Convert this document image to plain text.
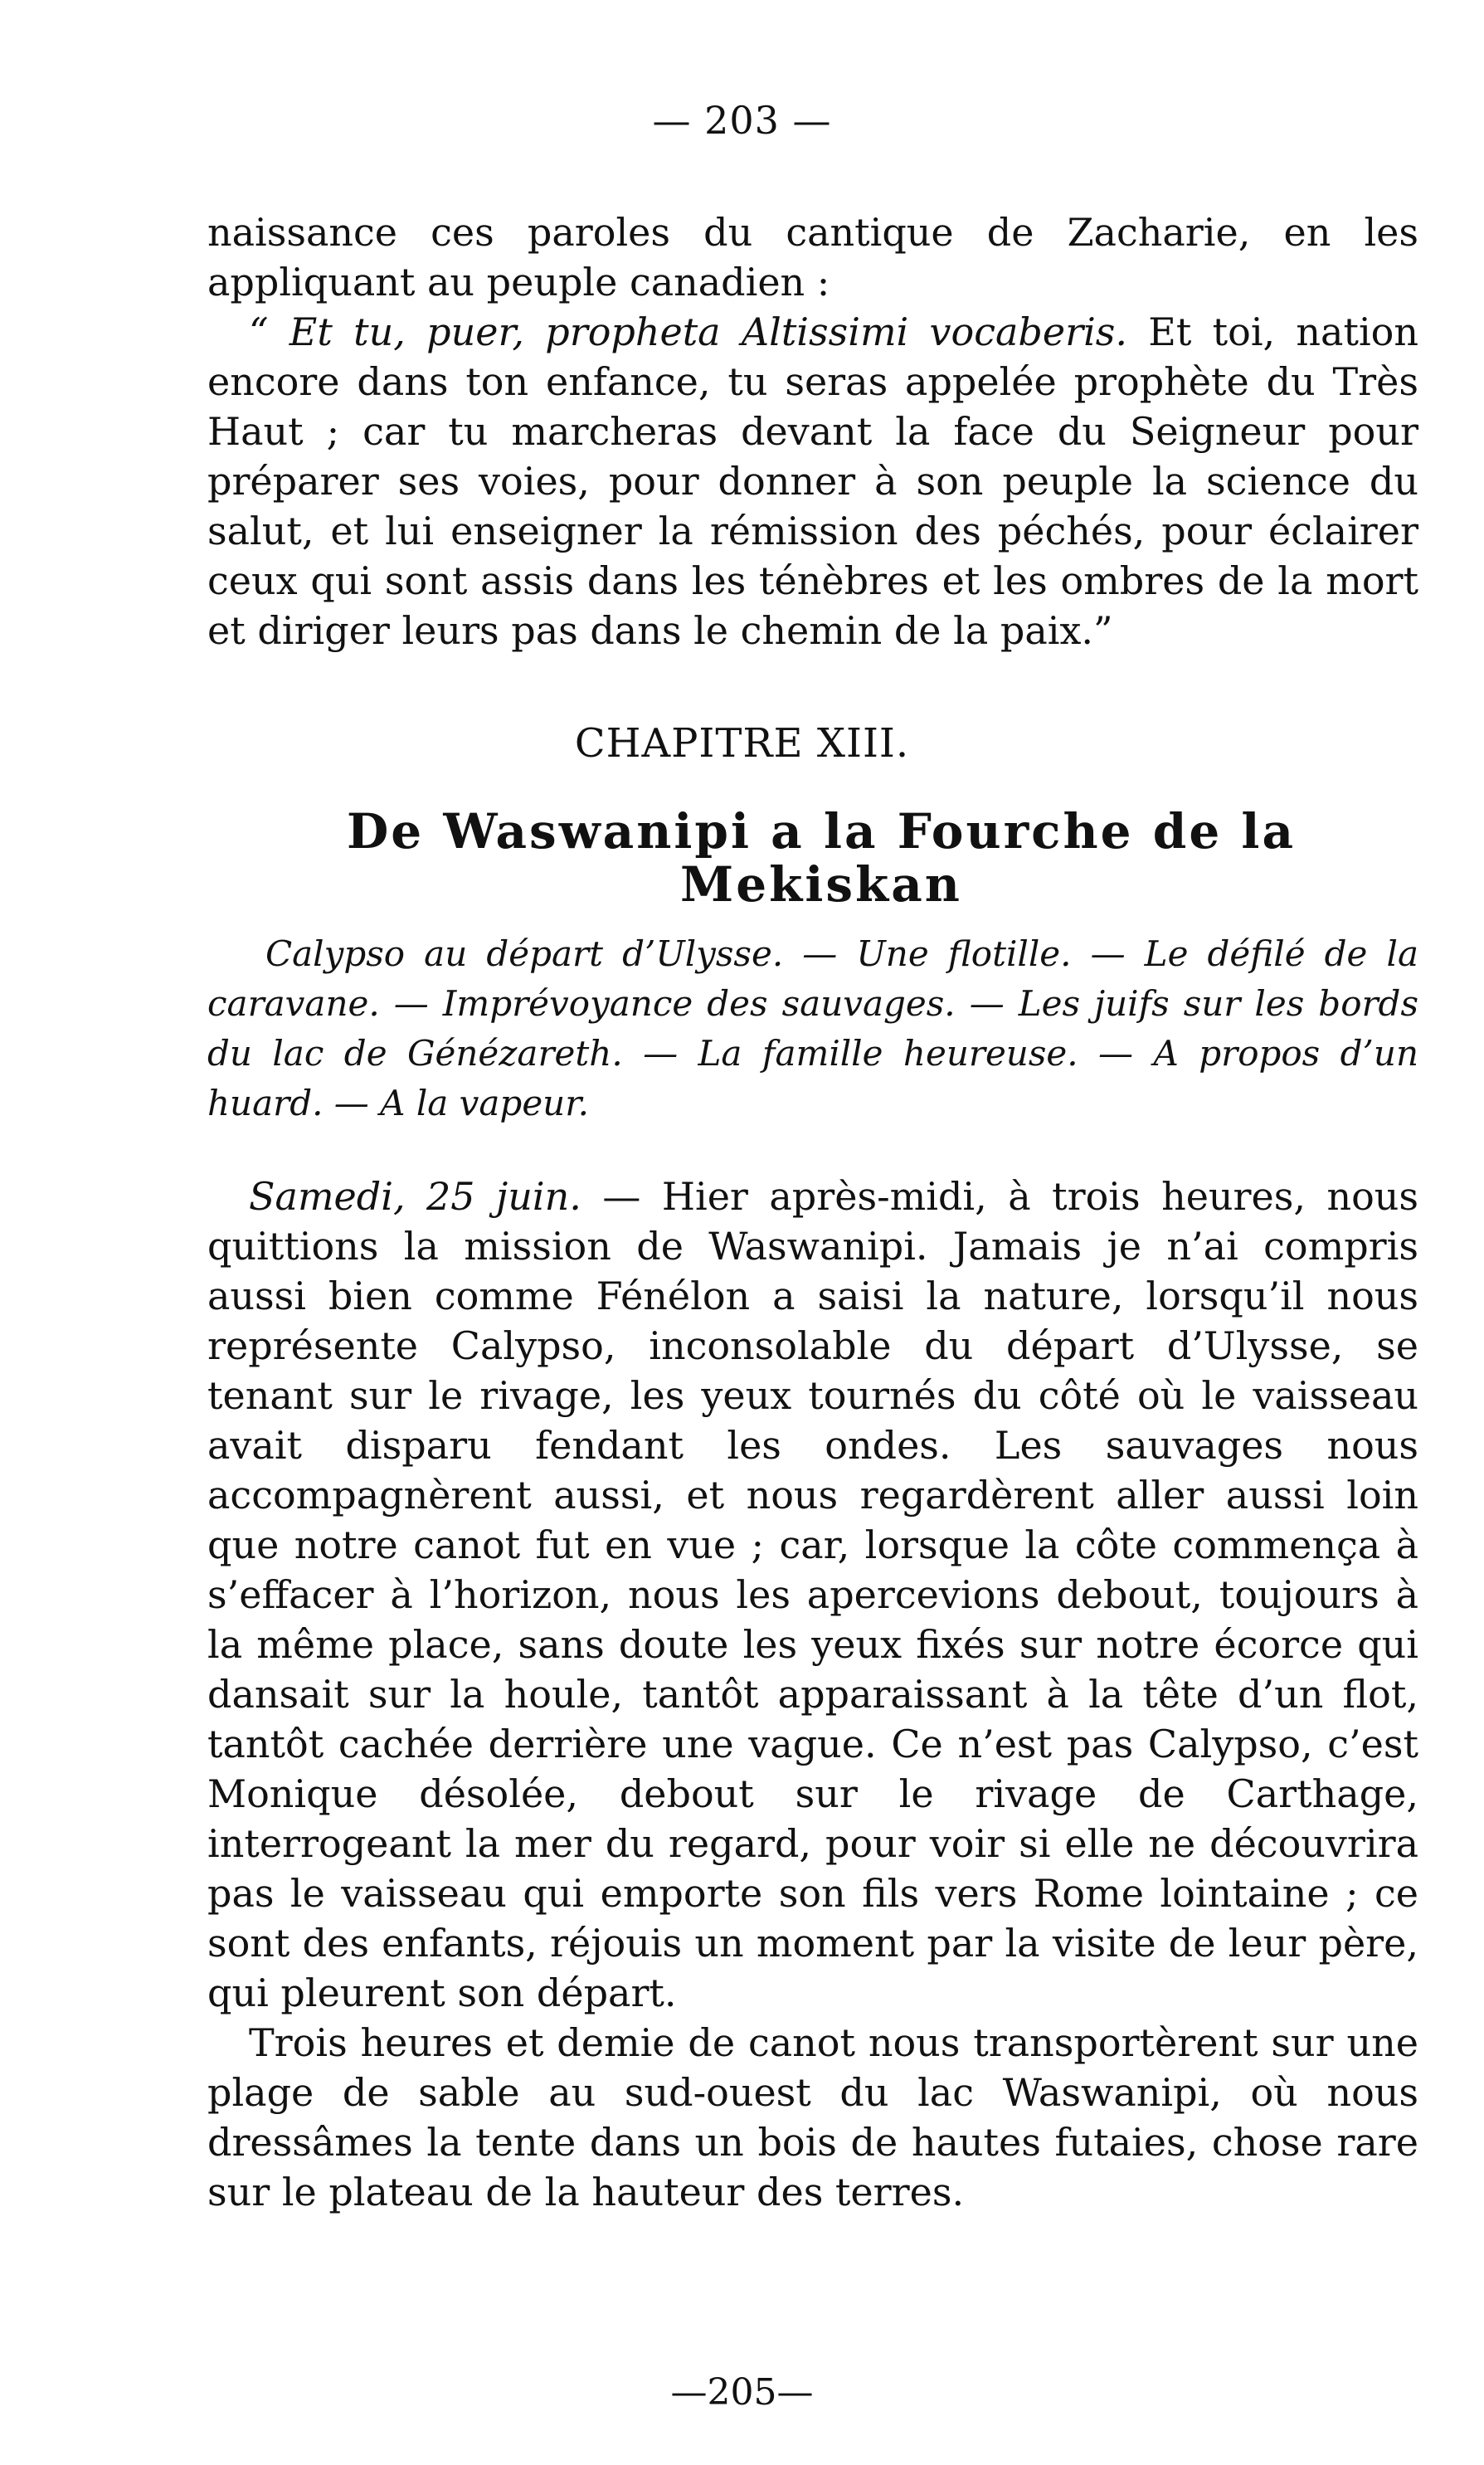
— 203 —

naissance ces paroles du cantique de Zacharie, en les appliquant au peuple canadien :

“ Et tu, puer, propheta Altissimi vocaberis. Et toi, nation encore dans ton enfance, tu seras appelée prophète du Très Haut ; car tu marcheras devant la face du Seigneur pour préparer ses voies, pour donner à son peuple la science du salut, et lui enseigner la rémission des péchés, pour éclairer ceux qui sont assis dans les ténèbres et les ombres de la mort et diriger leurs pas dans le chemin de la paix.”

CHAPITRE XIII.
De Waswanipi a la Fourche de la Mekiskan
Calypso au départ d’Ulysse. — Une flotille. — Le défilé de la caravane. — Imprévoyance des sauvages. — Les juifs sur les bords du lac de Génézareth. — La famille heureuse. — A propos d’un huard. — A la vapeur.

Samedi, 25 juin. — Hier après-midi, à trois heures, nous quittions la mission de Waswanipi. Jamais je n’ai compris aussi bien comme Fénélon a saisi la nature, lorsqu’il nous représente Calypso, inconsolable du départ d’Ulysse, se tenant sur le rivage, les yeux tournés du côté où le vaisseau avait disparu fendant les ondes. Les sauvages nous accompagnèrent aussi, et nous regardèrent aller aussi loin que notre canot fut en vue ; car, lorsque la côte commença à s’effacer à l’horizon, nous les apercevions debout, toujours à la même place, sans doute les yeux fixés sur notre écorce qui dansait sur la houle, tantôt apparaissant à la tête d’un flot, tantôt cachée derrière une vague. Ce n’est pas Calypso, c’est Monique désolée, debout sur le rivage de Carthage, interrogeant la mer du regard, pour voir si elle ne découvrira pas le vaisseau qui emporte son fils vers Rome lointaine ; ce sont des enfants, réjouis un moment par la visite de leur père, qui pleurent son départ.

Trois heures et demie de canot nous transportèrent sur une plage de sable au sud-ouest du lac Waswanipi, où nous dressâmes la tente dans un bois de hautes futaies, chose rare sur le plateau de la hauteur des terres.

—205—
